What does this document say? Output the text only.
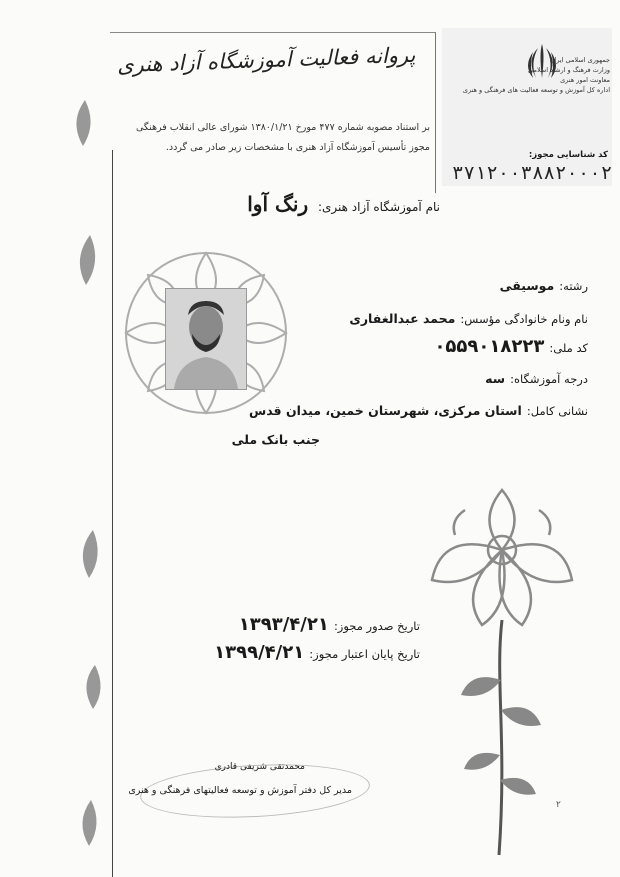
پروانه فعالیت آموزشگاه آزاد هنری
بر استناد مصوبه شماره ۴۷۷ مورخ ۱۳۸۰/۱/۲۱ شورای عالی انقلاب فرهنگی
مجوز تأسیس آموزشگاه آزاد هنری با مشخصات زیر صادر می گردد.
جمهوری اسلامی ایران
وزارت فرهنگ و ارشاد اسلامی
معاونت امور هنری
اداره کل آموزش و توسعه فعالیت های فرهنگی و هنری
کد شناسایی مجوز:
۳۷۱۲۰۰۳۸۸۲۰۰۰۲
نام آموزشگاه آزاد هنری: رنگ آوا
رشته: موسیقی
نام ونام خانوادگی مؤسس: محمد عبدالغفاری
کد ملی: ۰۵۵۹۰۱۸۲۲۳
درجه آموزشگاه: سه
نشانی کامل: استان مرکزی، شهرستان خمین، میدان قدس
جنب بانک ملی
تاریخ صدور مجوز: ۱۳۹۳/۴/۲۱
تاریخ پایان اعتبار مجوز: ۱۳۹۹/۴/۲۱
محمدتقی شریفی قادری
مدیر کل دفتر آموزش و توسعه فعالیتهای فرهنگی و هنری
۲
